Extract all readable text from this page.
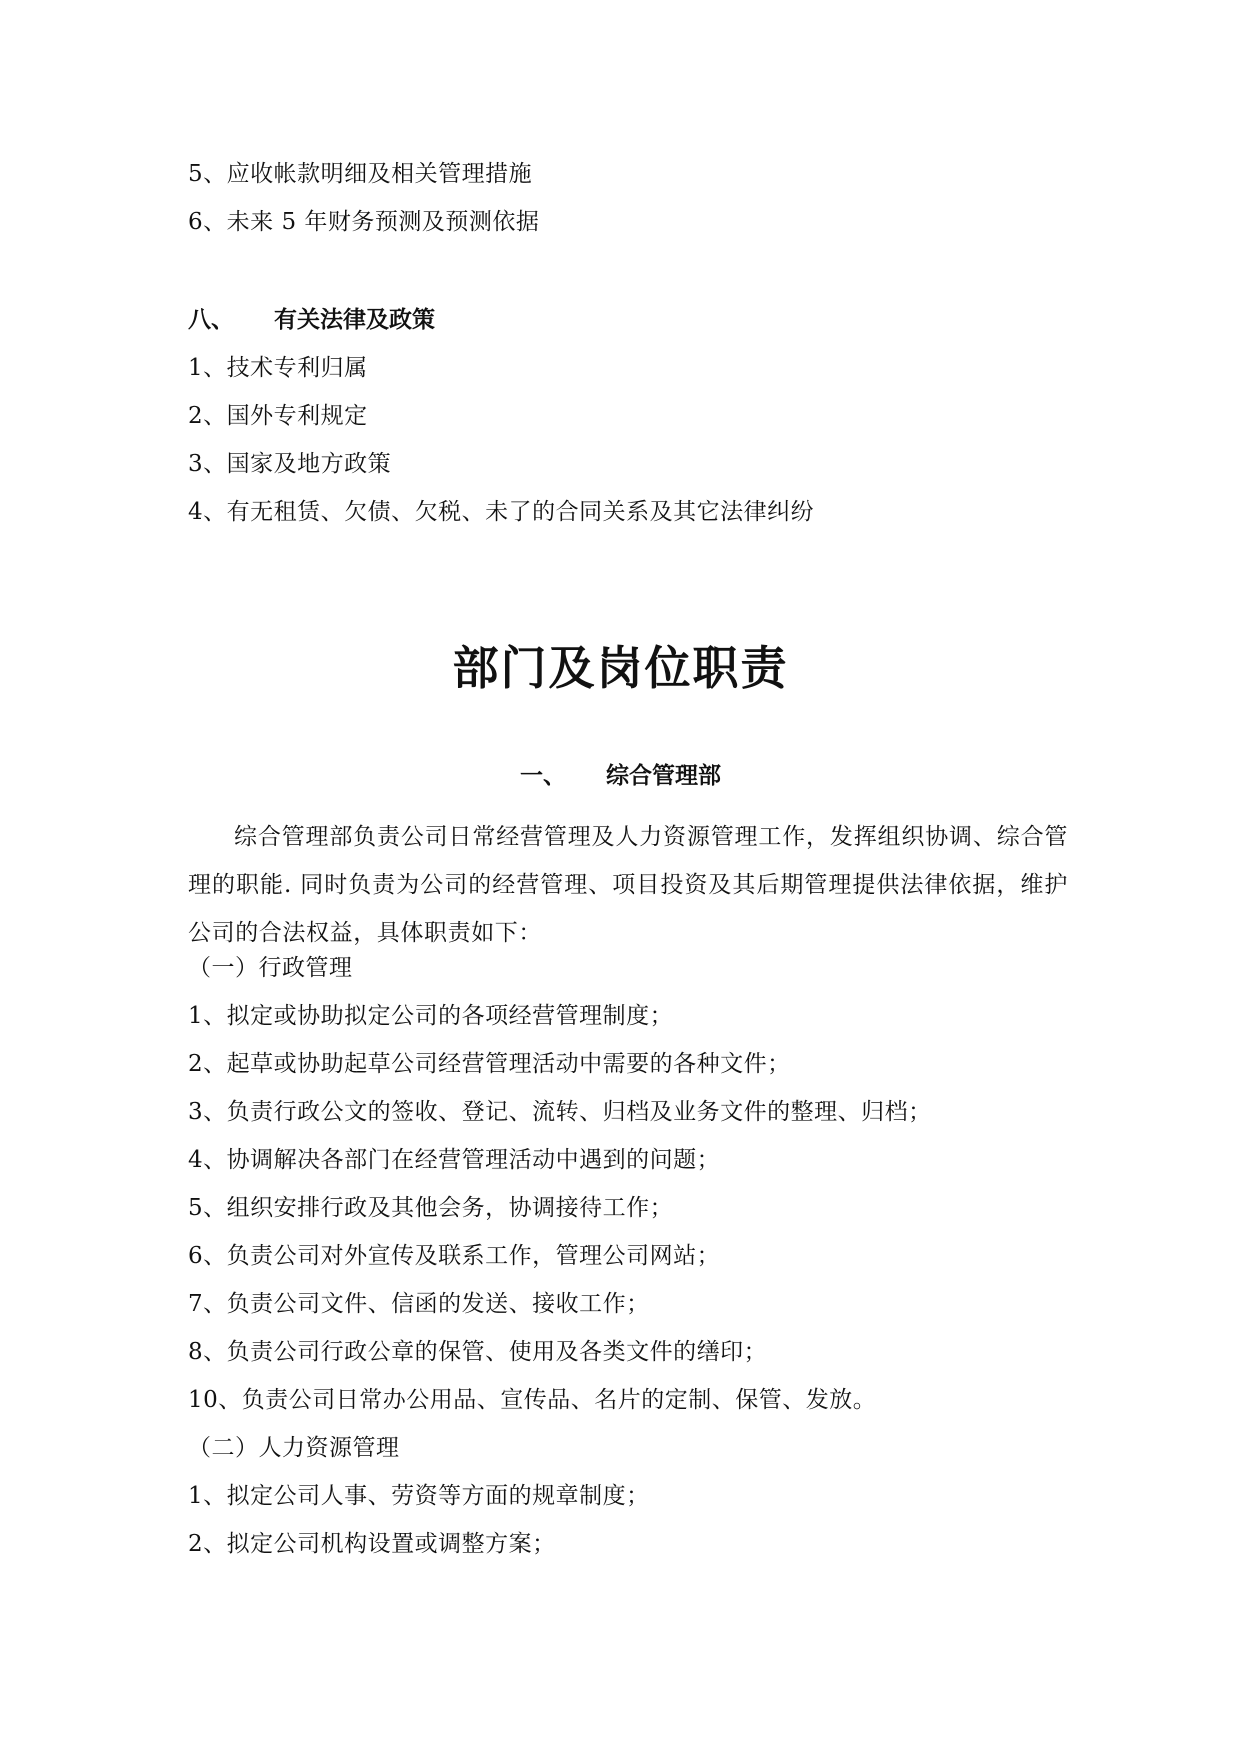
5、应收帐款明细及相关管理措施
6、未来 5 年财务预测及预测依据
八、 有关法律及政策
1、技术专利归属
2、国外专利规定
3、国家及地方政策
4、有无租赁、欠债、欠税、未了的合同关系及其它法律纠纷
部门及岗位职责
一、 综合管理部
综合管理部负责公司日常经营管理及人力资源管理工作，发挥组织协调、综合管理的职能. 同时负责为公司的经营管理、项目投资及其后期管理提供法律依据，维护公司的合法权益，具体职责如下：
（一）行政管理
1、拟定或协助拟定公司的各项经营管理制度；
2、起草或协助起草公司经营管理活动中需要的各种文件；
3、负责行政公文的签收、登记、流转、归档及业务文件的整理、归档；
4、协调解决各部门在经营管理活动中遇到的问题；
5、组织安排行政及其他会务，协调接待工作；
6、负责公司对外宣传及联系工作，管理公司网站；
7、负责公司文件、信函的发送、接收工作；
8、负责公司行政公章的保管、使用及各类文件的缮印；
10、负责公司日常办公用品、宣传品、名片的定制、保管、发放。
（二）人力资源管理
1、拟定公司人事、劳资等方面的规章制度；
2、拟定公司机构设置或调整方案；
